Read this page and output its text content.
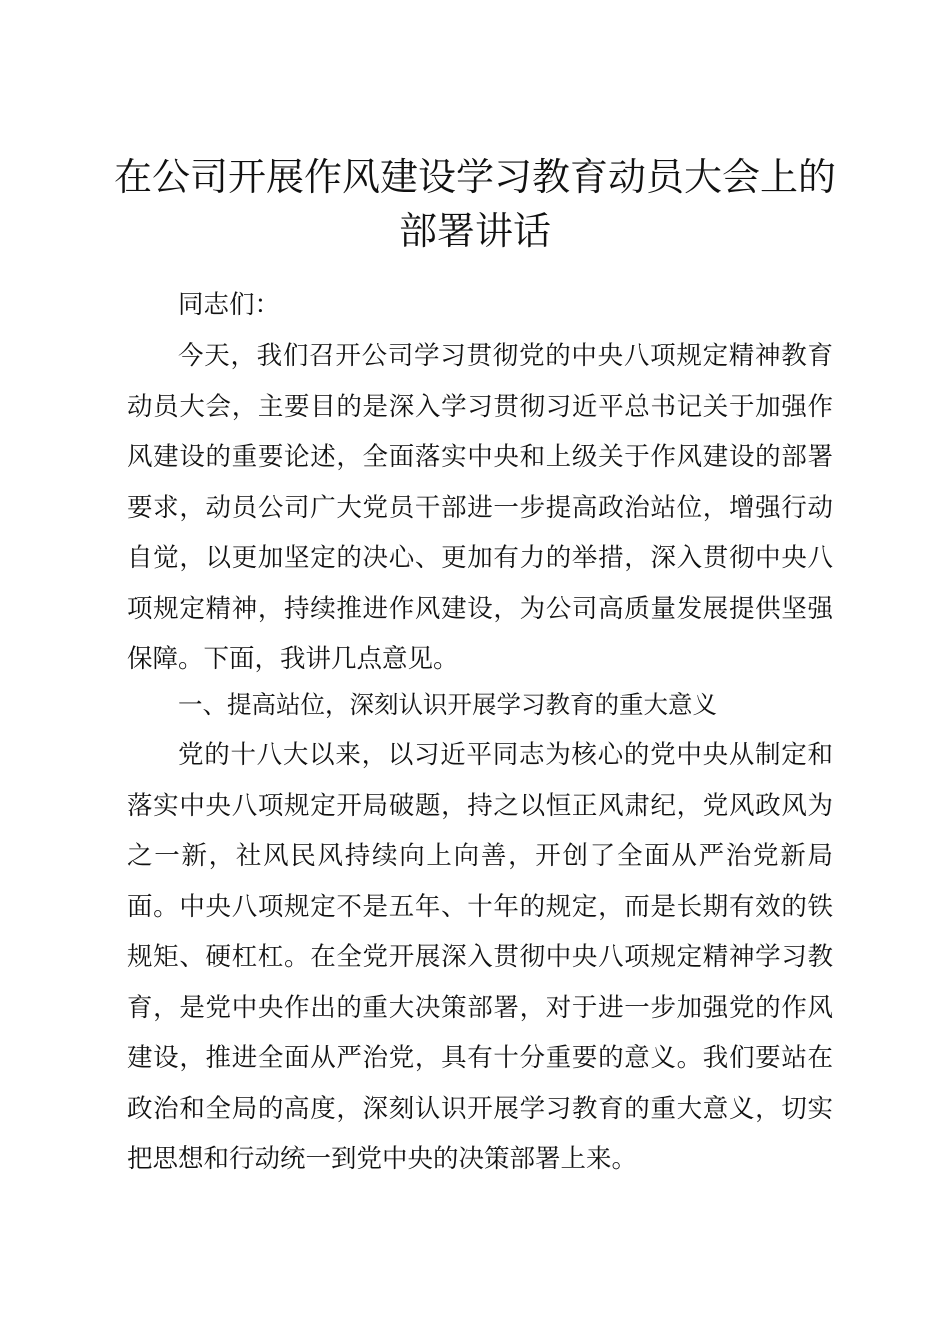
在公司开展作风建设学习教育动员大会上的部署讲话

同志们：

今天，我们召开公司学习贯彻党的中央八项规定精神教育动员大会，主要目的是深入学习贯彻习近平总书记关于加强作风建设的重要论述，全面落实中央和上级关于作风建设的部署要求，动员公司广大党员干部进一步提高政治站位，增强行动自觉，以更加坚定的决心、更加有力的举措，深入贯彻中央八项规定精神，持续推进作风建设，为公司高质量发展提供坚强保障。下面，我讲几点意见。

一、提高站位，深刻认识开展学习教育的重大意义

党的十八大以来，以习近平同志为核心的党中央从制定和落实中央八项规定开局破题，持之以恒正风肃纪，党风政风为之一新，社风民风持续向上向善，开创了全面从严治党新局面。中央八项规定不是五年、十年的规定，而是长期有效的铁规矩、硬杠杠。在全党开展深入贯彻中央八项规定精神学习教育，是党中央作出的重大决策部署，对于进一步加强党的作风建设，推进全面从严治党，具有十分重要的意义。我们要站在政治和全局的高度，深刻认识开展学习教育的重大意义，切实把思想和行动统一到党中央的决策部署上来。
